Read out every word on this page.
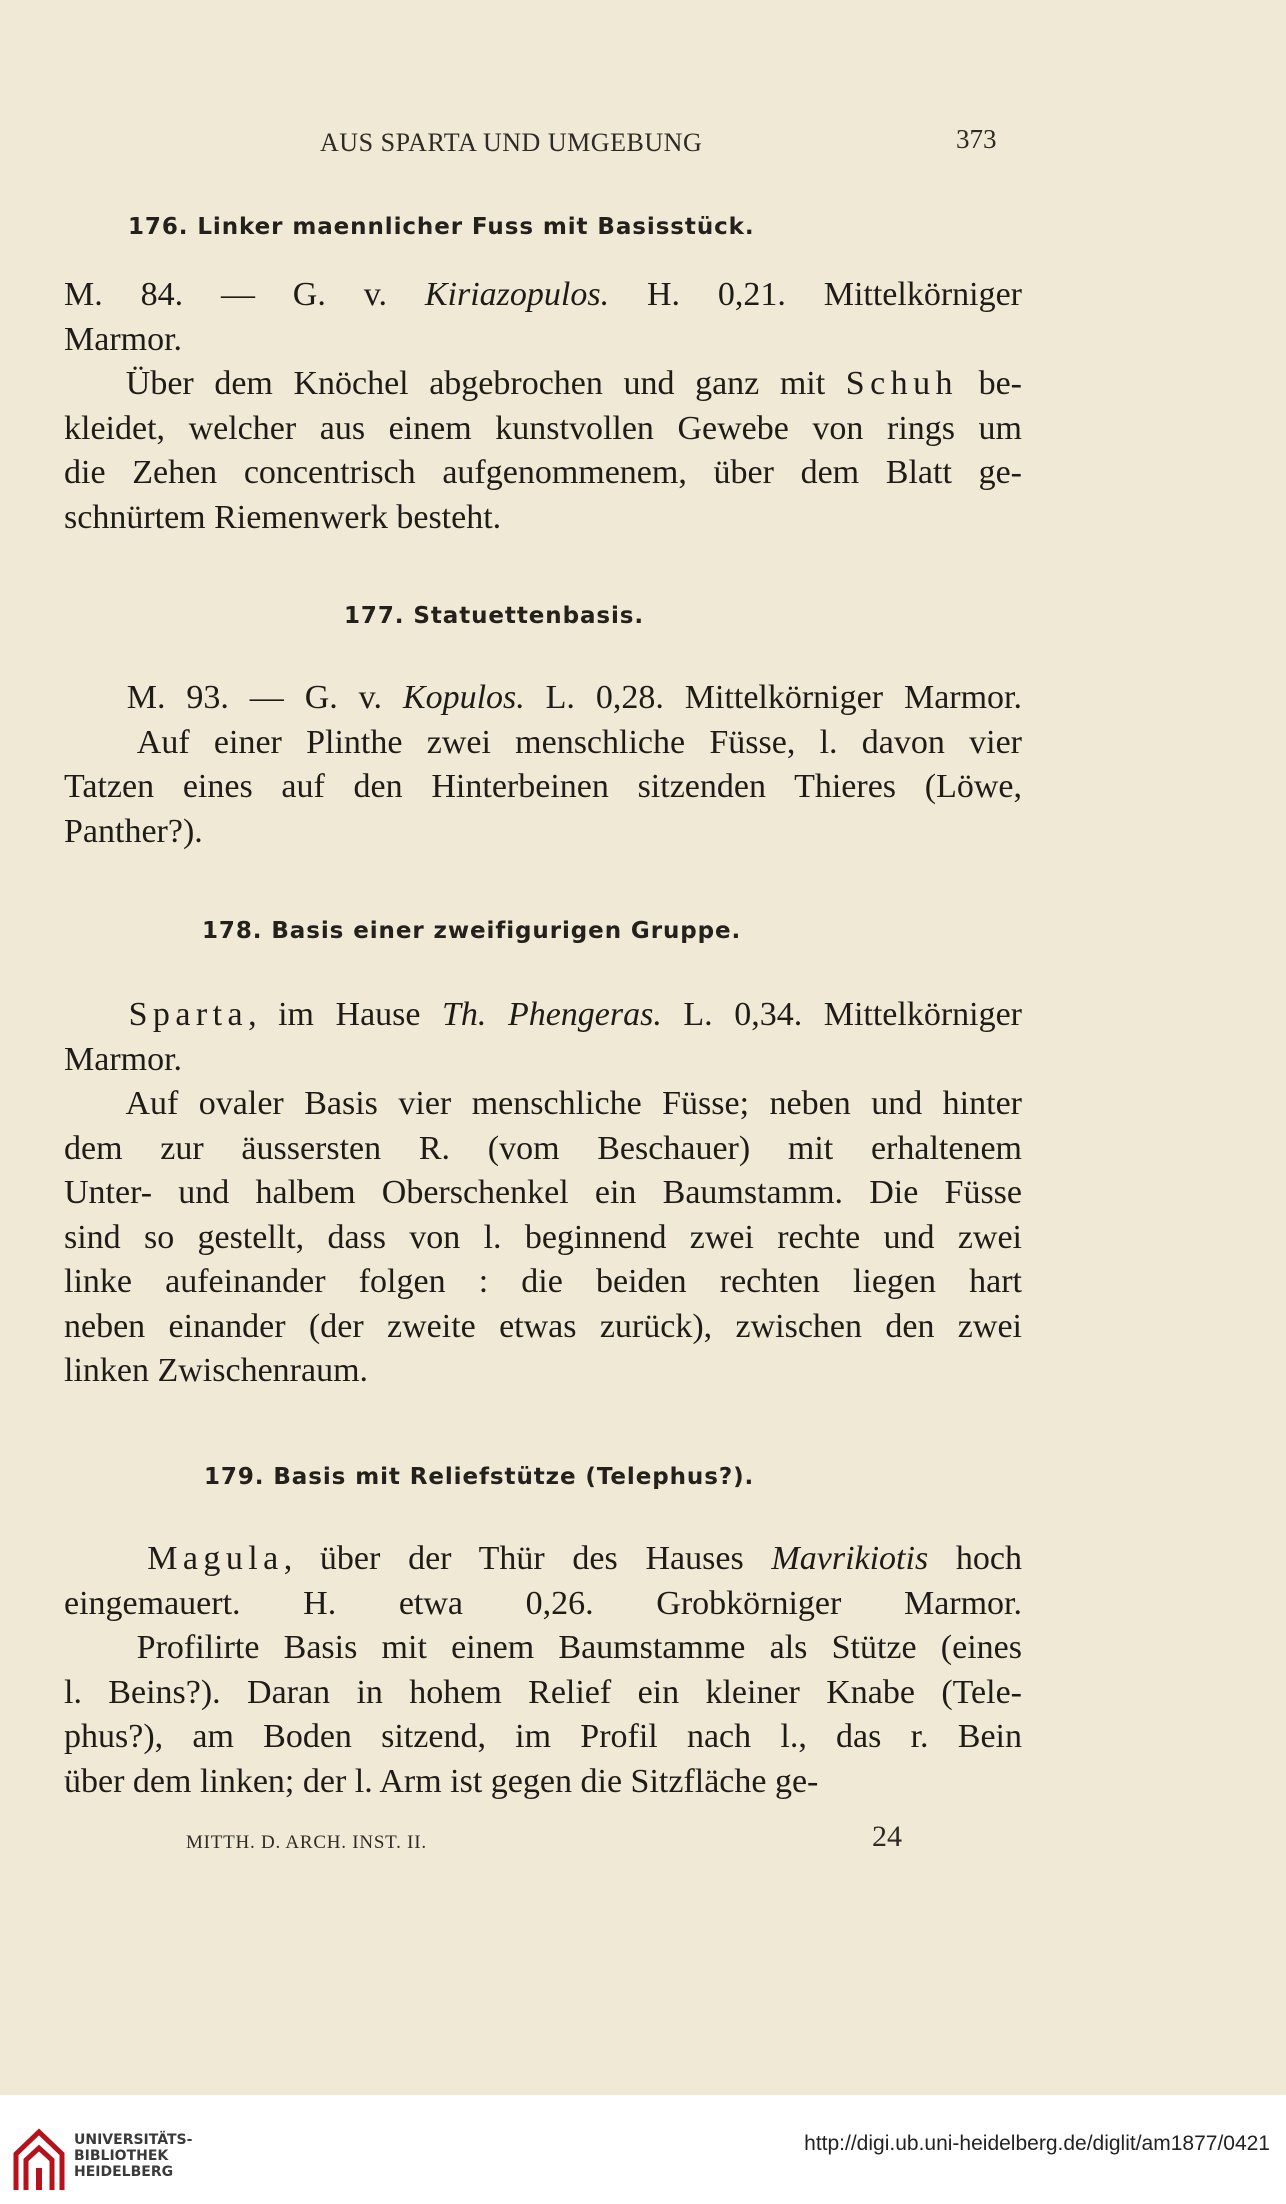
AUS SPARTA UND UMGEBUNG	373
176. Linker maennlicher Fuss mit Basisstück.
M. 84. — G. v. Kiriazopulos. H. 0,21. Mittelkörniger
Marmor.
Über dem Knöchel abgebrochen und ganz mit Schuh be-
kleidet, welcher aus einem kunstvollen Gewebe von rings um
die Zehen concentrisch aufgenommenem, über dem Blatt ge-
schnürtem Riemenwerk besteht.
177. Statuettenbasis.
M. 93. — G. v. Kopulos. L. 0,28. Mittelkörniger Marmor.
Auf einer Plinthe zwei menschliche Füsse, l. davon vier
Tatzen eines auf den Hinterbeinen sitzenden Thieres (Löwe,
Panther?).
178. Basis einer zweifigurigen Gruppe.
Sparta, im Hause Th. Phengeras. L. 0,34. Mittelkörniger
Marmor.
Auf ovaler Basis vier menschliche Füsse; neben und hinter
dem zur äussersten R. (vom Beschauer) mit erhaltenem
Unter- und halbem Oberschenkel ein Baumstamm. Die Füsse
sind so gestellt, dass von l. beginnend zwei rechte und zwei
linke aufeinander folgen : die beiden rechten liegen hart
neben einander (der zweite etwas zurück), zwischen den zwei
linken Zwischenraum.
179. Basis mit Reliefstütze (Telephus?).
Magula, über der Thür des Hauses Mavrikiotis hoch
eingemauert. H. etwa 0,26. Grobkörniger Marmor.
Profilirte Basis mit einem Baumstamme als Stütze (eines
l. Beins?). Daran in hohem Relief ein kleiner Knabe (Tele-
phus?), am Boden sitzend, im Profil nach l., das r. Bein
über dem linken; der l. Arm ist gegen die Sitzfläche ge-
MITTH. D. ARCH. INST. II.	24
UNIVERSITÄTS-
BIBLIOTHEK
HEIDELBERG
http://digi.ub.uni-heidelberg.de/diglit/am1877/0421
